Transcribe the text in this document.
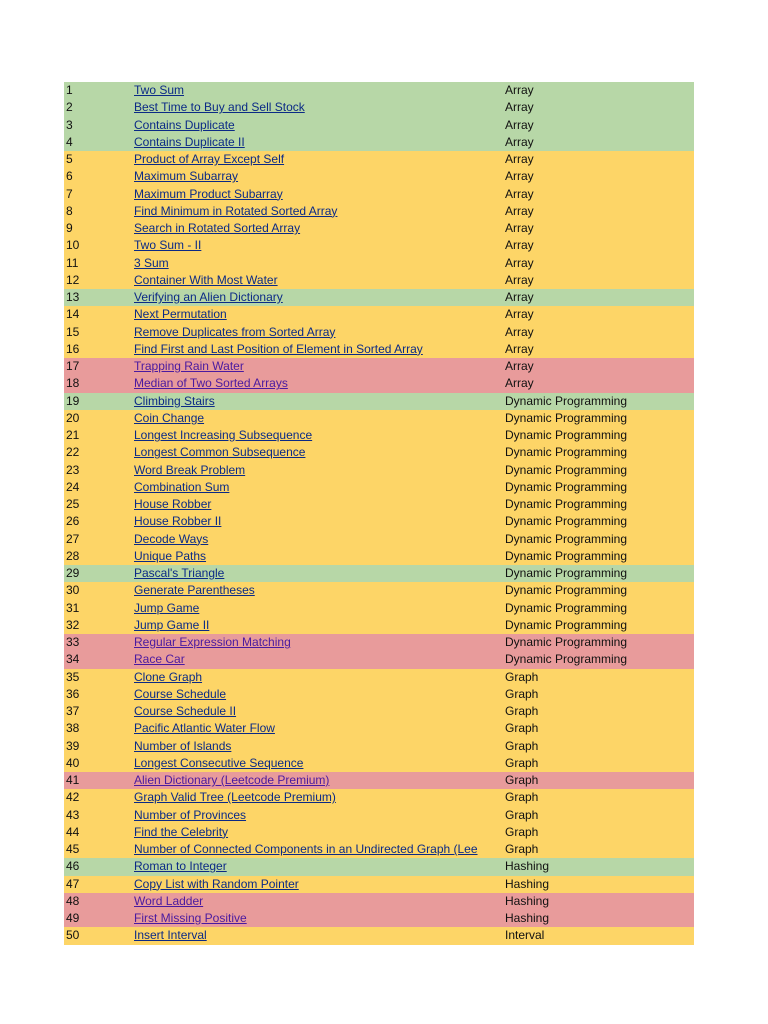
1	Two Sum	Array
2	Best Time to Buy and Sell Stock	Array
3	Contains Duplicate	Array
4	Contains Duplicate II	Array
5	Product of Array Except Self	Array
6	Maximum Subarray	Array
7	Maximum Product Subarray	Array
8	Find Minimum in Rotated Sorted Array	Array
9	Search in Rotated Sorted Array	Array
10	Two Sum - II	Array
11	3 Sum	Array
12	Container With Most Water	Array
13	Verifying an Alien Dictionary	Array
14	Next Permutation	Array
15	Remove Duplicates from Sorted Array	Array
16	Find First and Last Position of Element in Sorted Array	Array
17	Trapping Rain Water	Array
18	Median of Two Sorted Arrays	Array
19	Climbing Stairs	Dynamic Programming
20	Coin Change	Dynamic Programming
21	Longest Increasing Subsequence	Dynamic Programming
22	Longest Common Subsequence	Dynamic Programming
23	Word Break Problem	Dynamic Programming
24	Combination Sum	Dynamic Programming
25	House Robber	Dynamic Programming
26	House Robber II	Dynamic Programming
27	Decode Ways	Dynamic Programming
28	Unique Paths	Dynamic Programming
29	Pascal's Triangle	Dynamic Programming
30	Generate Parentheses	Dynamic Programming
31	Jump Game	Dynamic Programming
32	Jump Game II	Dynamic Programming
33	Regular Expression Matching	Dynamic Programming
34	Race Car	Dynamic Programming
35	Clone Graph	Graph
36	Course Schedule	Graph
37	Course Schedule II	Graph
38	Pacific Atlantic Water Flow	Graph
39	Number of Islands	Graph
40	Longest Consecutive Sequence	Graph
41	Alien Dictionary (Leetcode Premium)	Graph
42	Graph Valid Tree (Leetcode Premium)	Graph
43	Number of Provinces	Graph
44	Find the Celebrity	Graph
45	Number of Connected Components in an Undirected Graph (Lee	Graph
46	Roman to Integer	Hashing
47	Copy List with Random Pointer	Hashing
48	Word Ladder	Hashing
49	First Missing Positive	Hashing
50	Insert Interval	Interval
